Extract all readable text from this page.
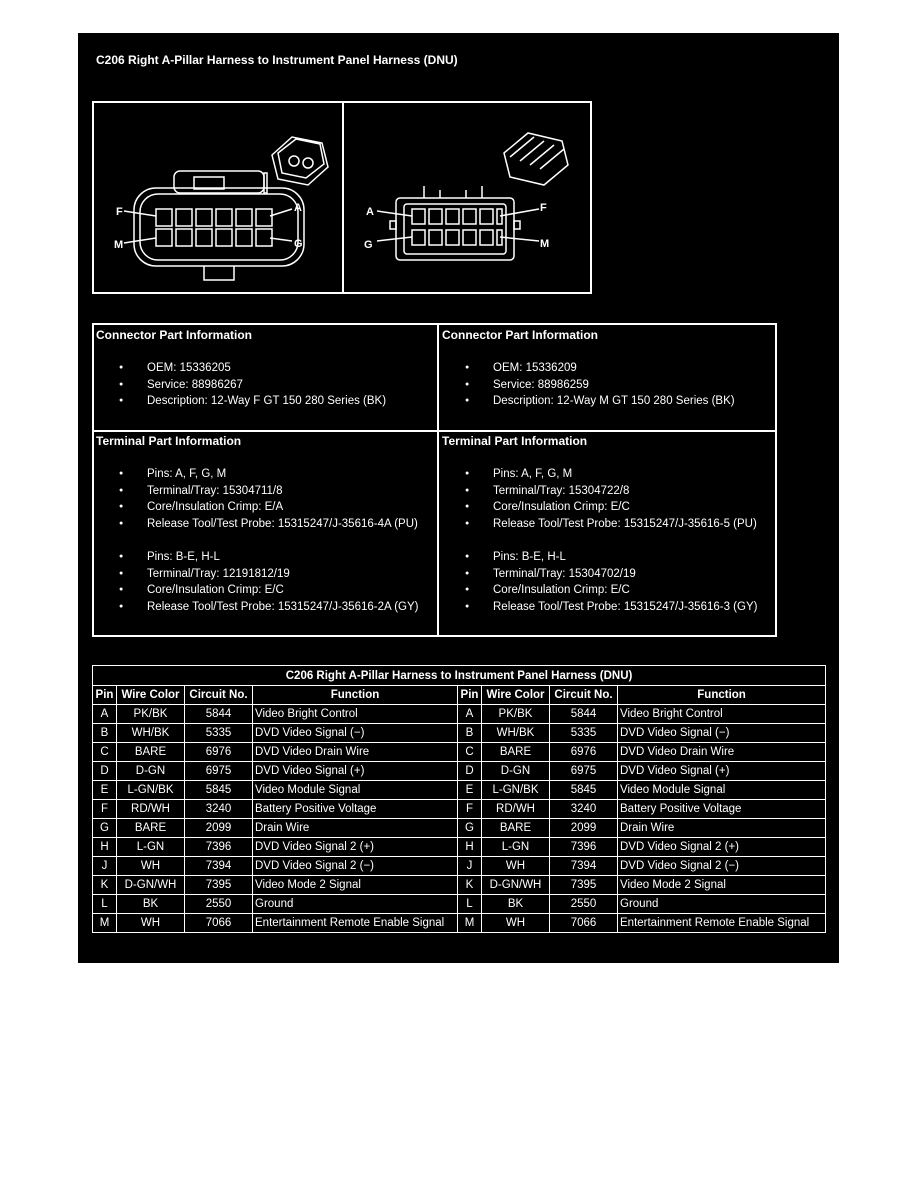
C206 Right A-Pillar Harness to Instrument Panel Harness (DNU)
F
M
A
G
A
G
F
M
Connector Part Information
● OEM: 15336205
● Service: 88986267
● Description: 12-Way F GT 150 280 Series (BK)
Connector Part Information
● OEM: 15336209
● Service: 88986259
● Description: 12-Way M GT 150 280 Series (BK)
Terminal Part Information
● Pins: A, F, G, M
● Terminal/Tray: 15304711/8
● Core/Insulation Crimp: E/A
● Release Tool/Test Probe: 15315247/J-35616-4A (PU)
● Pins: B-E, H-L
● Terminal/Tray: 12191812/19
● Core/Insulation Crimp: E/C
● Release Tool/Test Probe: 15315247/J-35616-2A (GY)
Terminal Part Information
● Pins: A, F, G, M
● Terminal/Tray: 15304722/8
● Core/Insulation Crimp: E/C
● Release Tool/Test Probe: 15315247/J-35616-5 (PU)
● Pins: B-E, H-L
● Terminal/Tray: 15304702/19
● Core/Insulation Crimp: E/C
● Release Tool/Test Probe: 15315247/J-35616-3 (GY)
C206 Right A-Pillar Harness to Instrument Panel Harness (DNU)							
Pin	Wire Color	Circuit No.	Function	Pin	Wire Color	Circuit No.	Function
A	PK/BK	5844	Video Bright Control	A	PK/BK	5844	Video Bright Control
B	WH/BK	5335	DVD Video Signal (−)	B	WH/BK	5335	DVD Video Signal (−)
C	BARE	6976	DVD Video Drain Wire	C	BARE	6976	DVD Video Drain Wire
D	D-GN	6975	DVD Video Signal (+)	D	D-GN	6975	DVD Video Signal (+)
E	L-GN/BK	5845	Video Module Signal	E	L-GN/BK	5845	Video Module Signal
F	RD/WH	3240	Battery Positive Voltage	F	RD/WH	3240	Battery Positive Voltage
G	BARE	2099	Drain Wire	G	BARE	2099	Drain Wire
H	L-GN	7396	DVD Video Signal 2 (+)	H	L-GN	7396	DVD Video Signal 2 (+)
J	WH	7394	DVD Video Signal 2 (−)	J	WH	7394	DVD Video Signal 2 (−)
K	D-GN/WH	7395	Video Mode 2 Signal	K	D-GN/WH	7395	Video Mode 2 Signal
L	BK	2550	Ground	L	BK	2550	Ground
M	WH	7066	Entertainment Remote Enable Signal	M	WH	7066	Entertainment Remote Enable Signal
